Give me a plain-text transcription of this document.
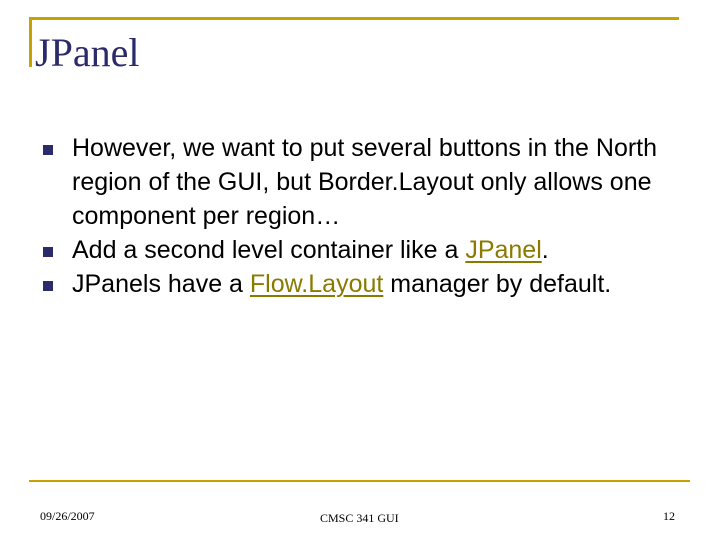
JPanel
However, we want to put several buttons in the North region of the GUI, but Border.Layout only allows one component per region…
Add a second level container like a JPanel.
JPanels have a Flow.Layout manager by default.
09/26/2007	CMSC 341 GUI	12
